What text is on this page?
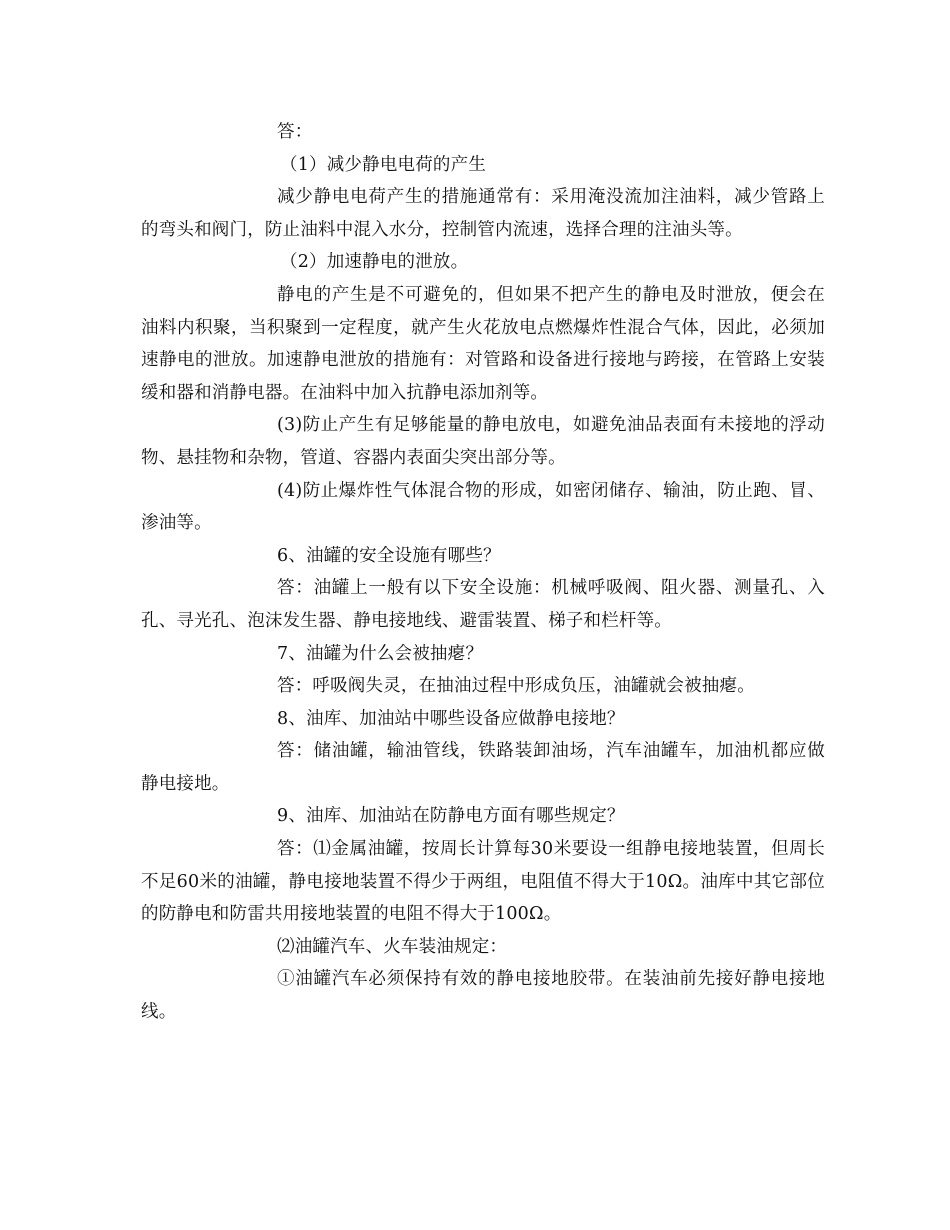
答：

（1）减少静电电荷的产生

减少静电电荷产生的措施通常有：采用淹没流加注油料，减少管路上的弯头和阀门，防止油料中混入水分，控制管内流速，选择合理的注油头等。

（2）加速静电的泄放。

静电的产生是不可避免的，但如果不把产生的静电及时泄放，便会在油料内积聚，当积聚到一定程度，就产生火花放电点燃爆炸性混合气体，因此，必须加速静电的泄放。加速静电泄放的措施有：对管路和设备进行接地与跨接，在管路上安装缓和器和消静电器。在油料中加入抗静电添加剂等。

(3)防止产生有足够能量的静电放电，如避免油品表面有未接地的浮动物、悬挂物和杂物，管道、容器内表面尖突出部分等。

(4)防止爆炸性气体混合物的形成，如密闭储存、输油，防止跑、冒、渗油等。

6、油罐的安全设施有哪些？

答：油罐上一般有以下安全设施：机械呼吸阀、阻火器、测量孔、入孔、寻光孔、泡沫发生器、静电接地线、避雷装置、梯子和栏杆等。

7、油罐为什么会被抽瘪？

答：呼吸阀失灵，在抽油过程中形成负压，油罐就会被抽瘪。

8、油库、加油站中哪些设备应做静电接地？

答：储油罐，输油管线，铁路装卸油场，汽车油罐车，加油机都应做静电接地。

9、油库、加油站在防静电方面有哪些规定？

答：⑴金属油罐，按周长计算每30米要设一组静电接地装置，但周长不足60米的油罐，静电接地装置不得少于两组，电阻值不得大于10Ω。油库中其它部位的防静电和防雷共用接地装置的电阻不得大于100Ω。

⑵油罐汽车、火车装油规定：

①油罐汽车必须保持有效的静电接地胶带。在装油前先接好静电接地线。
